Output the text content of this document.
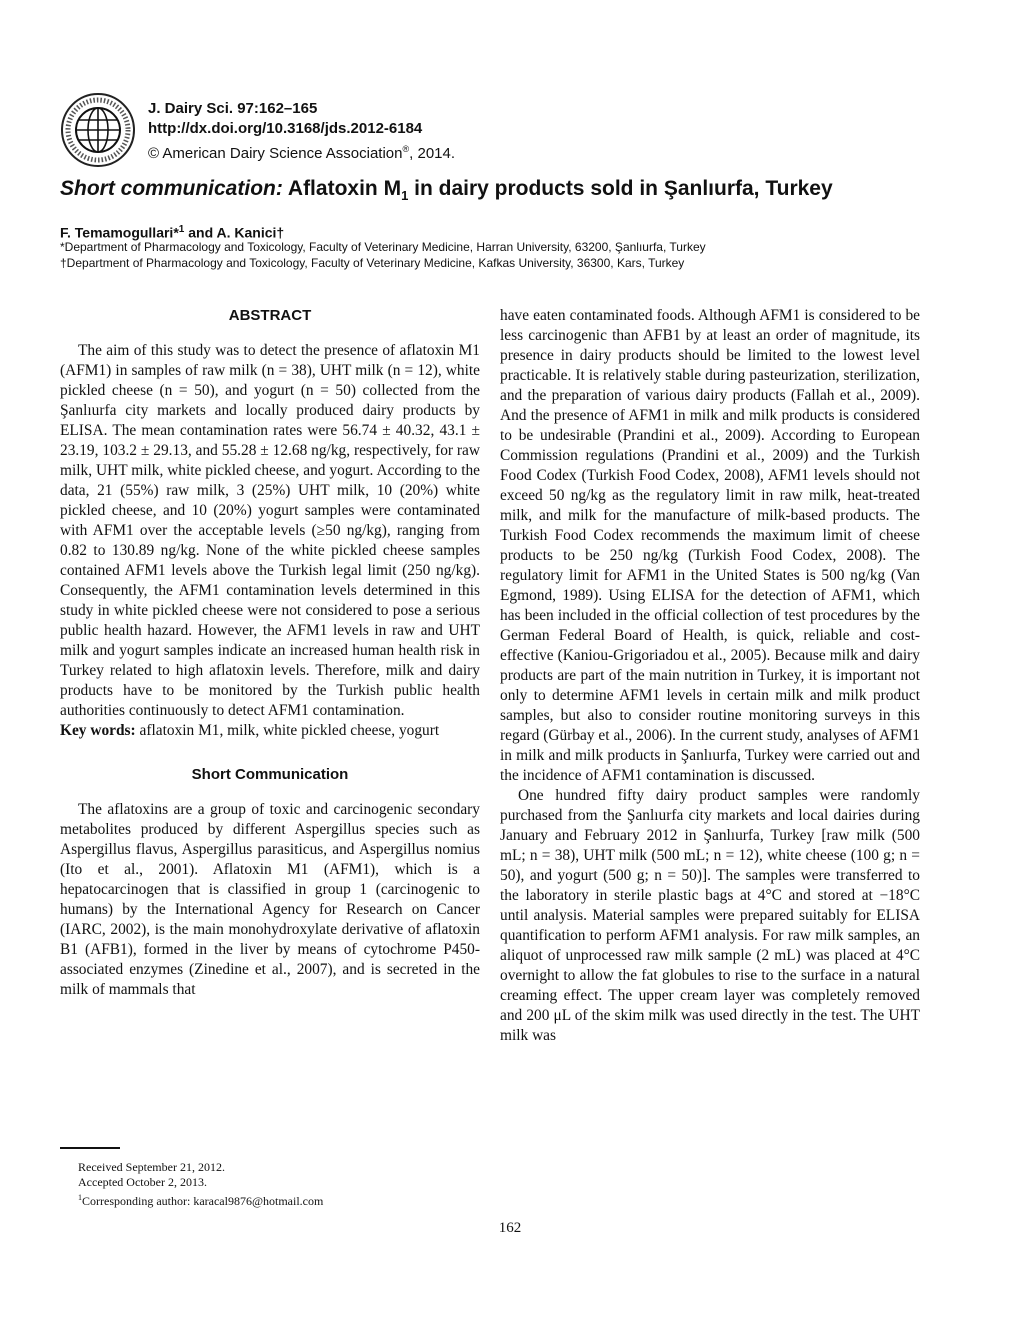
J. Dairy Sci. 97:162–165
http://dx.doi.org/10.3168/jds.2012-6184
© American Dairy Science Association®, 2014.
Short communication: Aflatoxin $M_1$ in dairy products sold in Şanlıurfa, Turkey
F. Temamogullari*$^1$ and A. Kanici†
*Department of Pharmacology and Toxicology, Faculty of Veterinary Medicine, Harran University, 63200, Şanlıurfa, Turkey
†Department of Pharmacology and Toxicology, Faculty of Veterinary Medicine, Kafkas University, 36300, Kars, Turkey
ABSTRACT

The aim of this study was to detect the presence of aflatoxin M1 (AFM1) in samples of raw milk (n = 38), UHT milk (n = 12), white pickled cheese (n = 50), and yogurt (n = 50) collected from the Şanlıurfa city markets and locally produced dairy products by ELISA. The mean contamination rates were 56.74 ± 40.32, 43.1 ± 23.19, 103.2 ± 29.13, and 55.28 ± 12.68 ng/kg, respectively, for raw milk, UHT milk, white pickled cheese, and yogurt. According to the data, 21 (55%) raw milk, 3 (25%) UHT milk, 10 (20%) white pickled cheese, and 10 (20%) yogurt samples were contaminated with AFM1 over the acceptable levels (≥50 ng/kg), ranging from 0.82 to 130.89 ng/kg. None of the white pickled cheese samples contained AFM1 levels above the Turkish legal limit (250 ng/kg). Consequently, the AFM1 contamination levels determined in this study in white pickled cheese were not considered to pose a serious public health hazard. However, the AFM1 levels in raw and UHT milk and yogurt samples indicate an increased human health risk in Turkey related to high aflatoxin levels. Therefore, milk and dairy products have to be monitored by the Turkish public health authorities continuously to detect AFM1 contamination.

Key words: aflatoxin M1, milk, white pickled cheese, yogurt

Short Communication

The aflatoxins are a group of toxic and carcinogenic secondary metabolites produced by different Aspergillus species such as Aspergillus flavus, Aspergillus parasiticus, and Aspergillus nomius (Ito et al., 2001). Aflatoxin M1 (AFM1), which is a hepatocarcinogen that is classified in group 1 (carcinogenic to humans) by the International Agency for Research on Cancer (IARC, 2002), is the main monohydroxylate derivative of aflatoxin B1 (AFB1), formed in the liver by means of cytochrome P450-associated enzymes (Zinedine et al., 2007), and is secreted in the milk of mammals that

have eaten contaminated foods. Although AFM1 is considered to be less carcinogenic than AFB1 by at least an order of magnitude, its presence in dairy products should be limited to the lowest level practicable. It is relatively stable during pasteurization, sterilization, and the preparation of various dairy products (Fallah et al., 2009). And the presence of AFM1 in milk and milk products is considered to be undesirable (Prandini et al., 2009). According to European Commission regulations (Prandini et al., 2009) and the Turkish Food Codex (Turkish Food Codex, 2008), AFM1 levels should not exceed 50 ng/kg as the regulatory limit in raw milk, heat-treated milk, and milk for the manufacture of milk-based products. The Turkish Food Codex recommends the maximum limit of cheese products to be 250 ng/kg (Turkish Food Codex, 2008). The regulatory limit for AFM1 in the United States is 500 ng/kg (Van Egmond, 1989). Using ELISA for the detection of AFM1, which has been included in the official collection of test procedures by the German Federal Board of Health, is quick, reliable and cost-effective (Kaniou-Grigoriadou et al., 2005). Because milk and dairy products are part of the main nutrition in Turkey, it is important not only to determine AFM1 levels in certain milk and milk product samples, but also to consider routine monitoring surveys in this regard (Gürbay et al., 2006). In the current study, analyses of AFM1 in milk and milk products in Şanlıurfa, Turkey were carried out and the incidence of AFM1 contamination is discussed.

One hundred fifty dairy product samples were randomly purchased from the Şanlıurfa city markets and local dairies during January and February 2012 in Şanlıurfa, Turkey [raw milk (500 mL; n = 38), UHT milk (500 mL; n = 12), white cheese (100 g; n = 50), and yogurt (500 g; n = 50)]. The samples were transferred to the laboratory in sterile plastic bags at 4°C and stored at −18°C until analysis. Material samples were prepared suitably for ELISA quantification to perform AFM1 analysis. For raw milk samples, an aliquot of unprocessed raw milk sample (2 mL) was placed at 4°C overnight to allow the fat globules to rise to the surface in a natural creaming effect. The upper cream layer was completely removed and 200 μL of the skim milk was used directly in the test. The UHT milk was

Received September 21, 2012.
Accepted October 2, 2013.
$^1$Corresponding author: karacal9876@hotmail.com
162
